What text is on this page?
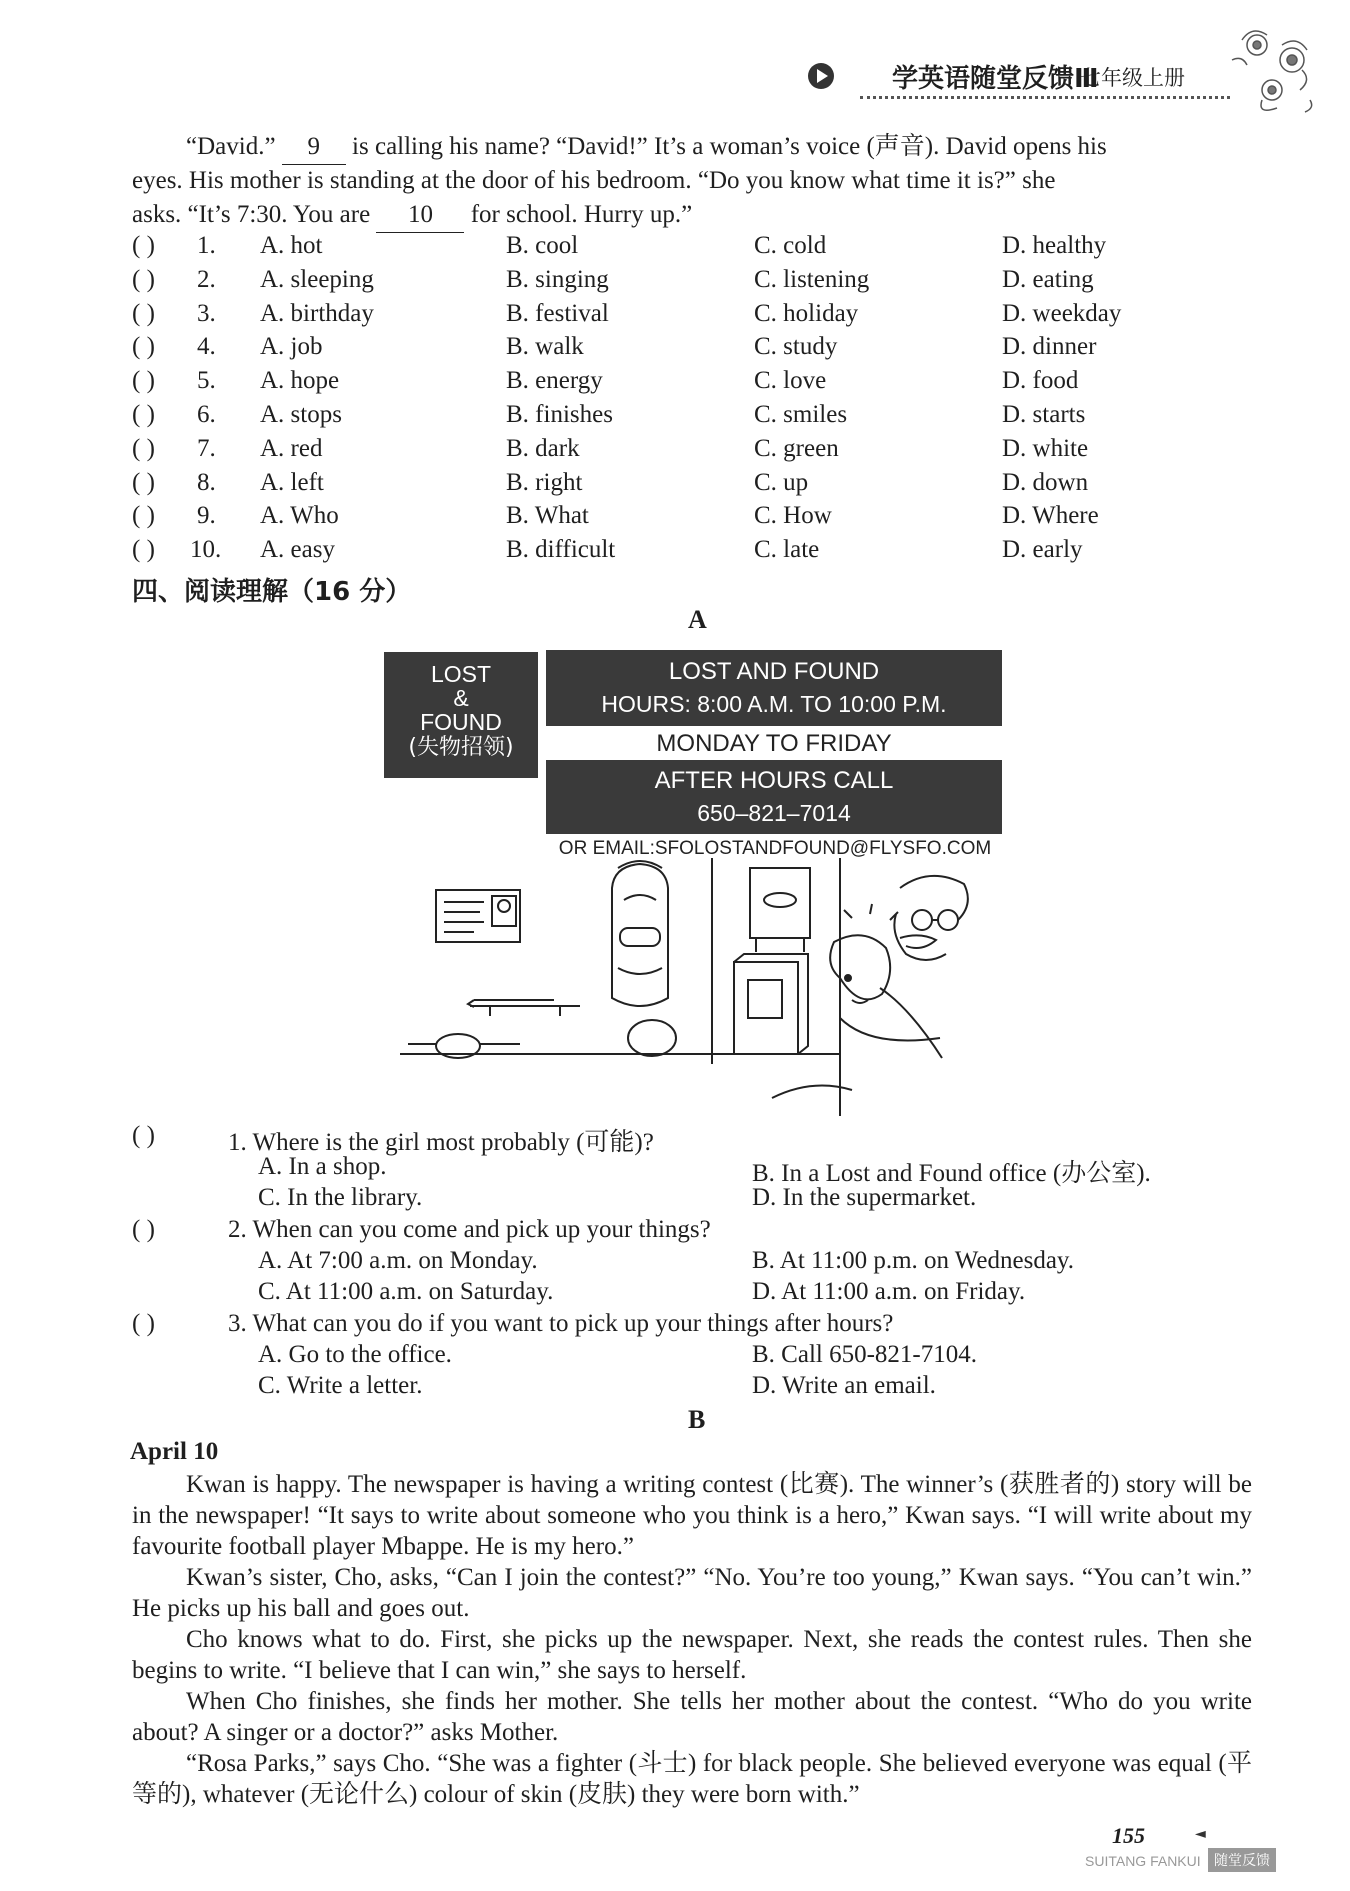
学英语随堂反馈Ⅲ
七年级上册
“David.” 9 is calling his name? “David!” It’s a woman’s voice (声音). David opens his
eyes. His mother is standing at the door of his bedroom. “Do you know what time it is?” she
asks. “It’s 7:30. You are 10 for school. Hurry up.”
( ) 1. A. hot	B. cool	C. cold	D. healthy
( ) 2. A. sleeping	B. singing	C. listening	D. eating
( ) 3. A. birthday	B. festival	C. holiday	D. weekday
( ) 4. A. job	B. walk	C. study	D. dinner
( ) 5. A. hope	B. energy	C. love	D. food
( ) 6. A. stops	B. finishes	C. smiles	D. starts
( ) 7. A. red	B. dark	C. green	D. white
( ) 8. A. left	B. right	C. up	D. down
( ) 9. A. Who	B. What	C. How	D. Where
( ) 10. A. easy	B. difficult	C. late	D. early
四、阅读理解（16 分）
A
LOST
&
FOUND
(失物招领)
LOST AND FOUND
HOURS: 8:00 A.M. TO 10:00 P.M.
MONDAY TO FRIDAY
AFTER HOURS CALL
650–821–7014
OR EMAIL:SFOLOSTANDFOUND@FLYSFO.COM
( )	1. Where is the girl most probably (可能)?
A. In a shop.	B. In a Lost and Found office (办公室).
C. In the library.	D. In the supermarket.
( )	2. When can you come and pick up your things?
A. At 7:00 a.m. on Monday.	B. At 11:00 p.m. on Wednesday.
C. At 11:00 a.m. on Saturday.	D. At 11:00 a.m. on Friday.
( )	3. What can you do if you want to pick up your things after hours?
A. Go to the office.	B. Call 650-821-7104.
C. Write a letter.	D. Write an email.
B
April 10
Kwan is happy. The newspaper is having a writing contest (比赛). The winner’s (获胜者的) story will be in the newspaper! “It says to write about someone who you think is a hero,” Kwan says. “I will write about my favourite football player Mbappe. He is my hero.”
Kwan’s sister, Cho, asks, “Can I join the contest?” “No. You’re too young,” Kwan says. “You can’t win.” He picks up his ball and goes out.
Cho knows what to do. First, she picks up the newspaper. Next, she reads the contest rules. Then she begins to write. “I believe that I can win,” she says to herself.
When Cho finishes, she finds her mother. She tells her mother about the contest. “Who do you write about? A singer or a doctor?” asks Mother.
“Rosa Parks,” says Cho. “She was a fighter (斗士) for black people. She believed everyone was equal (平等的), whatever (无论什么) colour of skin (皮肤) they were born with.”
155	◄
SUITANG FANKUI 随堂反馈
